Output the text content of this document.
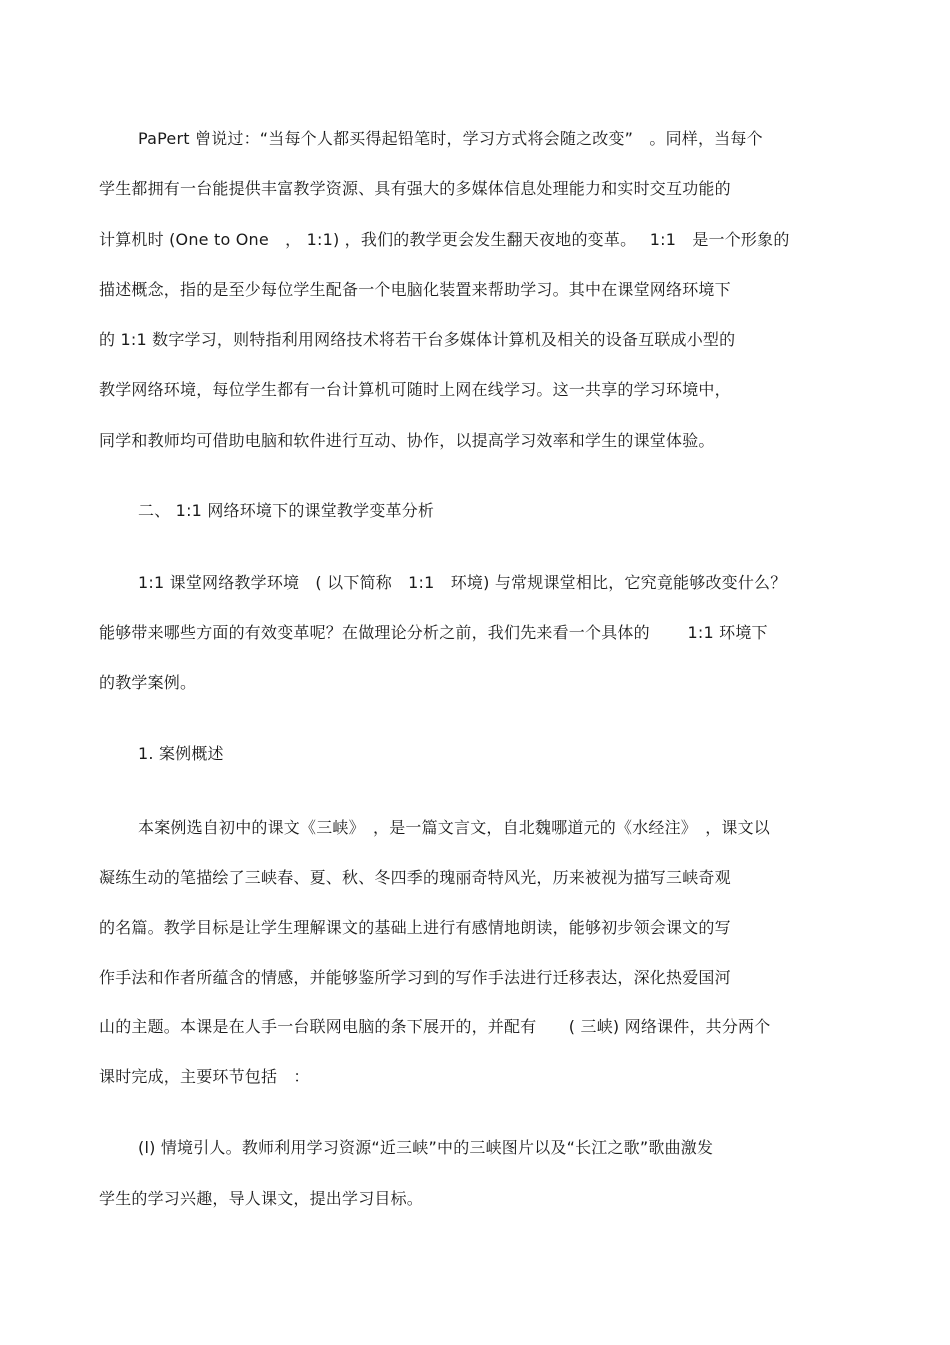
PaPert 曾说过：“当每个人都买得起铅笔时，学习方式将会随之改变”　。同样，当每个
学生都拥有一台能提供丰富教学资源、具有强大的多媒体信息处理能力和实时交互功能的
计算机时 (One to One　， 1:1) ，我们的教学更会发生翻天夜地的变革。　 1:1　是一个形象的
描述概念，指的是至少每位学生配备一个电脑化装置来帮助学习。其中在课堂网络环境下
的 1:1 数字学习，则特指利用网络技术将若干台多媒体计算机及相关的设备互联成小型的
教学网络环境，每位学生都有一台计算机可随时上网在线学习。这一共享的学习环境中，
同学和教师均可借助电脑和软件进行互动、协作，以提高学习效率和学生的课堂体验。
二、 1:1 网络环境下的课堂教学变革分析
1:1 课堂网络教学环境　( 以下简称　1:1　环境) 与常规课堂相比，它究竟能够改变什么？
能够带来哪些方面的有效变革呢？在做理论分析之前，我们先来看一个具体的　　 1:1 环境下
的教学案例。
1. 案例概述
本案例选自初中的课文《三峡》　，是一篇文言文，自北魏哪道元的《水经注》　，课文以
凝练生动的笔描绘了三峡春、夏、秋、冬四季的瑰丽奇特风光，历来被视为描写三峡奇观
的名篇。教学目标是让学生理解课文的基础上进行有感情地朗读，能够初步领会课文的写
作手法和作者所蕴含的情感，并能够鉴所学习到的写作手法进行迁移表达，深化热爱国河
山的主题。本课是在人手一台联网电脑的条下展开的，并配有　　( 三峡) 网络课件，共分两个
课时完成，主要环节包括　：
(l) 情境引人。教师利用学习资源“近三峡”中的三峡图片以及“长江之歌”歌曲激发
学生的学习兴趣，导人课文，提出学习目标。
